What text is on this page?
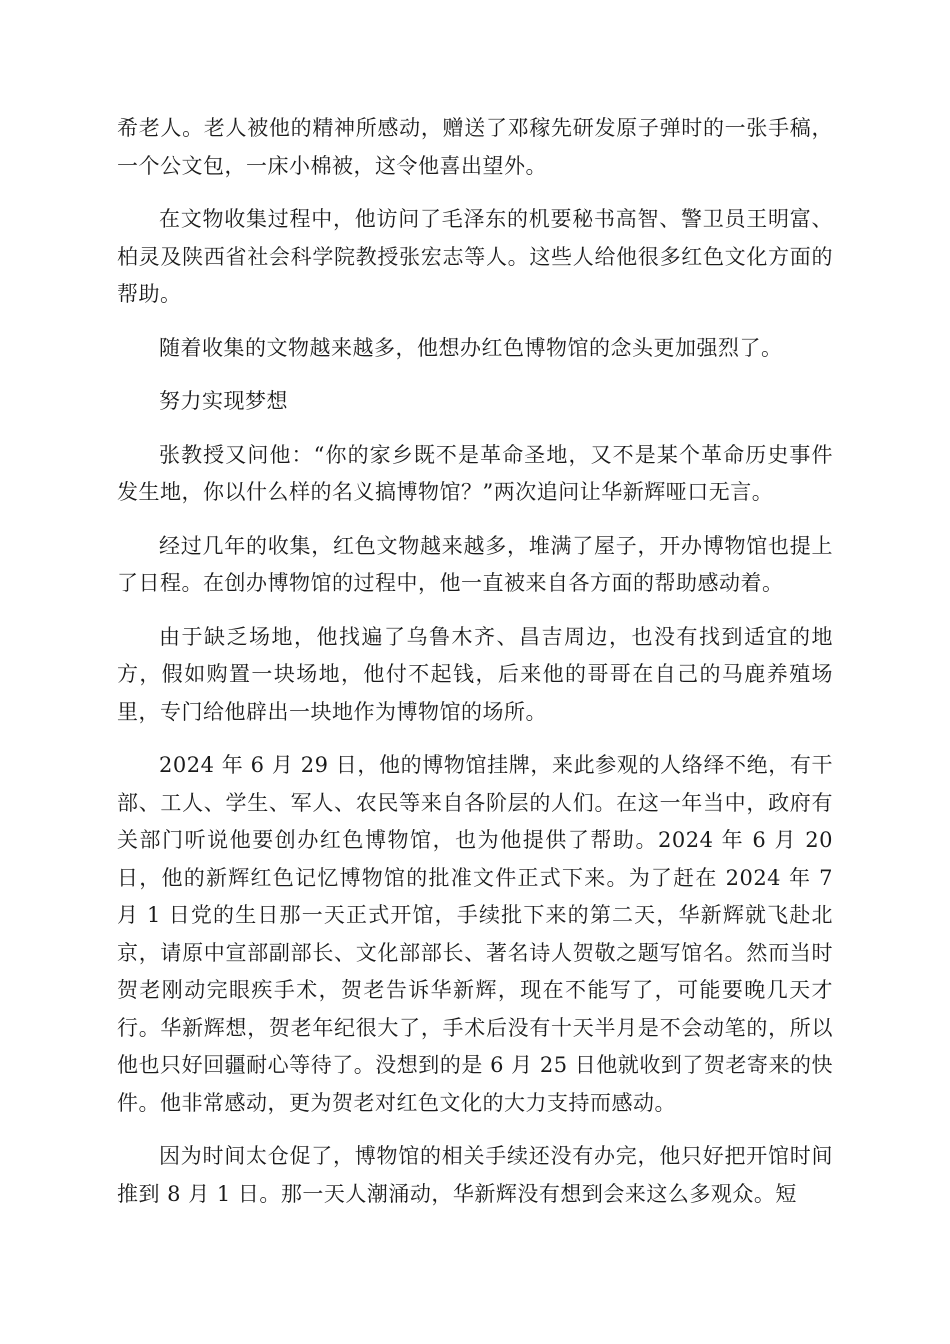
希老人。老人被他的精神所感动，赠送了邓稼先研发原子弹时的一张手稿，一个公文包，一床小棉被，这令他喜出望外。

在文物收集过程中，他访问了毛泽东的机要秘书高智、警卫员王明富、柏灵及陕西省社会科学院教授张宏志等人。这些人给他很多红色文化方面的帮助。

随着收集的文物越来越多，他想办红色博物馆的念头更加强烈了。

努力实现梦想

张教授又问他：“你的家乡既不是革命圣地，又不是某个革命历史事件发生地，你以什么样的名义搞博物馆？”两次追问让华新辉哑口无言。

经过几年的收集，红色文物越来越多，堆满了屋子，开办博物馆也提上了日程。在创办博物馆的过程中，他一直被来自各方面的帮助感动着。

由于缺乏场地，他找遍了乌鲁木齐、昌吉周边，也没有找到适宜的地方，假如购置一块场地，他付不起钱，后来他的哥哥在自己的马鹿养殖场里，专门给他辟出一块地作为博物馆的场所。

2024 年 6 月 29 日，他的博物馆挂牌，来此参观的人络绎不绝，有干部、工人、学生、军人、农民等来自各阶层的人们。在这一年当中，政府有关部门听说他要创办红色博物馆，也为他提供了帮助。2024 年 6 月 20 日，他的新辉红色记忆博物馆的批准文件正式下来。为了赶在 2024 年 7 月 1 日党的生日那一天正式开馆，手续批下来的第二天，华新辉就飞赴北京，请原中宣部副部长、文化部部长、著名诗人贺敬之题写馆名。然而当时贺老刚动完眼疾手术，贺老告诉华新辉，现在不能写了，可能要晚几天才行。华新辉想，贺老年纪很大了，手术后没有十天半月是不会动笔的，所以他也只好回疆耐心等待了。没想到的是 6 月 25 日他就收到了贺老寄来的快件。他非常感动，更为贺老对红色文化的大力支持而感动。

因为时间太仓促了，博物馆的相关手续还没有办完，他只好把开馆时间推到 8 月 1 日。那一天人潮涌动，华新辉没有想到会来这么多观众。短
